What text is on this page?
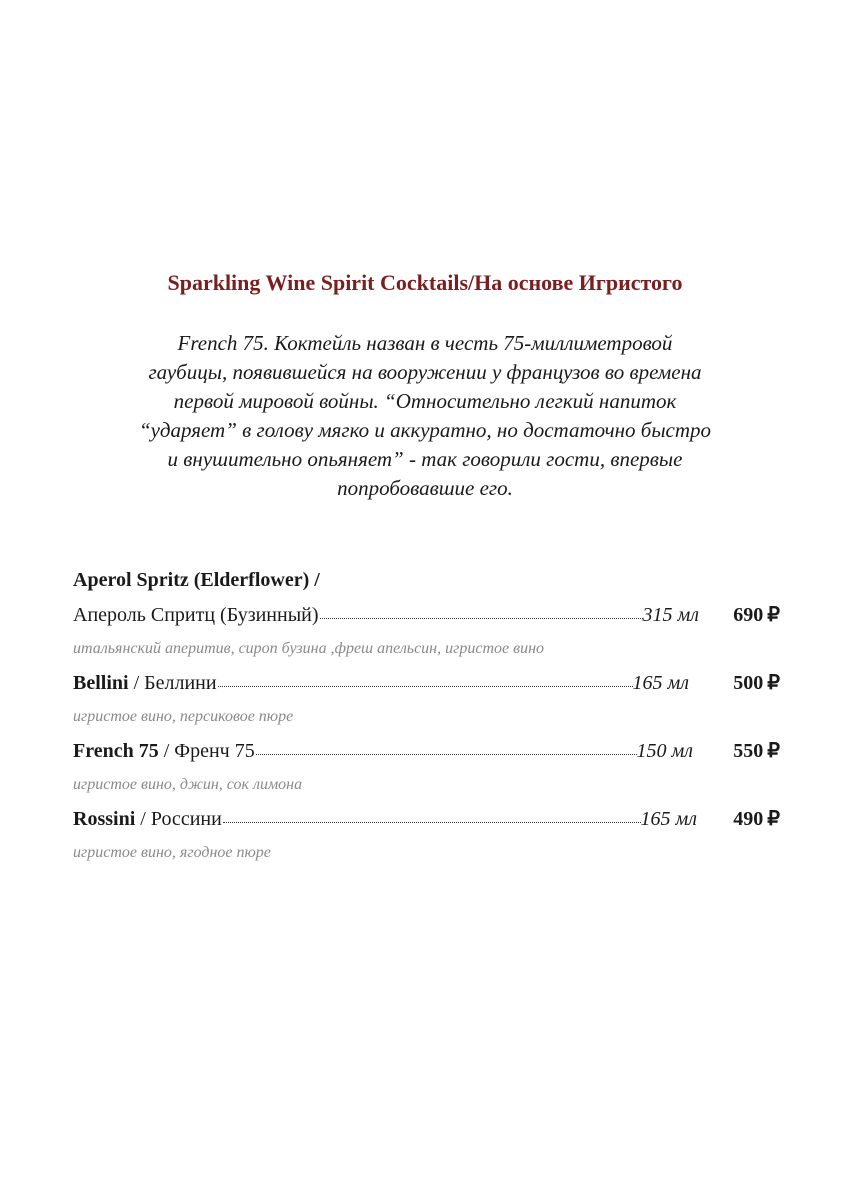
Sparkling Wine Spirit Cocktails/На основе Игристого
French 75. Коктейль назван в честь 75-миллиметровой
гаубицы, появившейся на вооружении у французов во времена
первой мировой войны. “Относительно легкий напиток
“ударяет” в голову мягко и аккуратно, но достаточно быстро
и внушительно опьяняет” - так говорили гости, впервые
попробовавшие его.
Aperol Spritz (Elderflower) /
Апероль Спритц (Бузинный)	315 мл 690 ₽
итальянский аперитив, сироп бузина ,фреш апельсин, игристое вино
Bellini / Беллини	165 мл 500 ₽
игристое вино, персиковое пюре
French 75 / Френч 75	150 мл 550 ₽
игристое вино, джин, сок лимона
Rossini / Россини	165 мл 490 ₽
игристое вино, ягодное пюре
